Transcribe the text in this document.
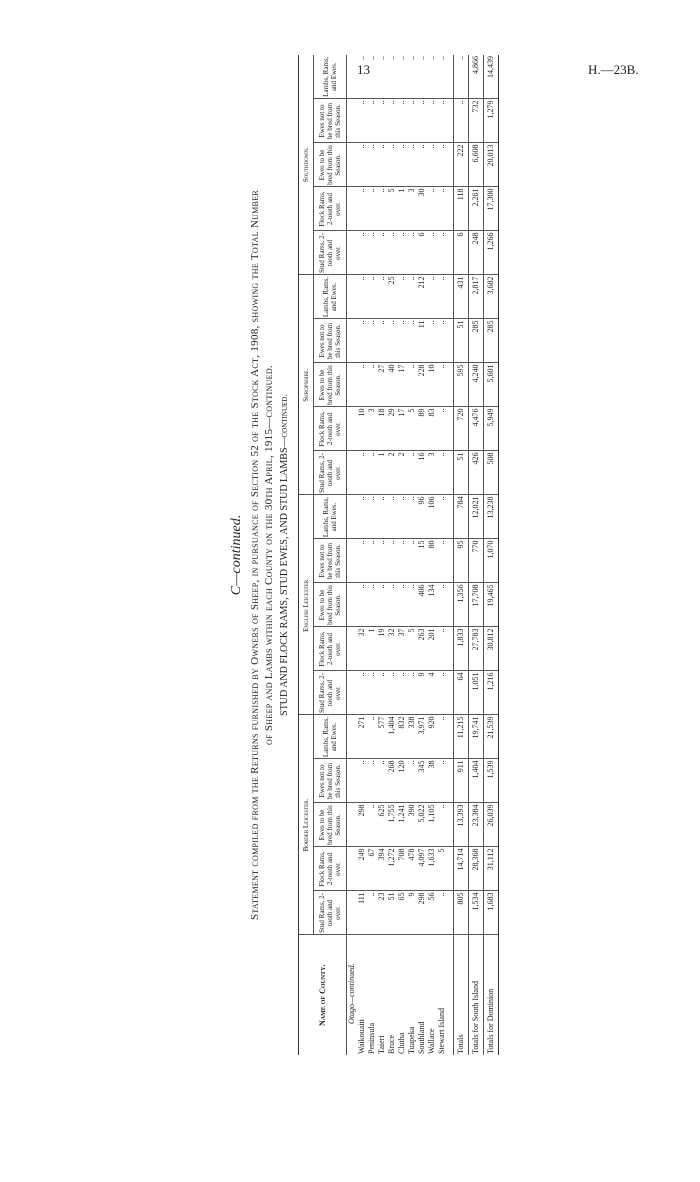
13	H.—23B.
C—continued. Statement compiled from the Returns furnished by Owners of Sheep, in pursuance of Section 52 of the Stock Act, 1908, showing the Total Number of Sheep and Lambs within each County on the 30th April, 1915—continued. STUD AND FLOCK RAMS, STUD EWES, AND STUD LAMBS—continued.
Name of County.	Border Leicester.					English Leicester.					Shropshire.					Southdown.				
	Stud Rams, 2-tooth and over.	Flock Rams, 2-tooth and over.	Ewes to be bred from this Season.	Ewes not to be bred from this Season.	Lambs, Rams, and Ewes.	Stud Rams, 2-tooth and over.	Flock Rams, 2-tooth and over.	Ewes to be bred from this Season.	Ewes not to be bred from this Season.	Lambs, Rams, and Ewes.	Stud Rams, 2-tooth and over.	Flock Rams, 2-tooth and over.	Ewes to be bred from this Season.	Ewes not to be bred from this Season.	Lambs, Rams, and Ewes.	Stud Rams, 2-tooth and over.	Flock Rams, 2-tooth and over.	Ewes to be bred from this Season.	Ewes not to be bred from this Season.	Lambs, Rams, and Ewes.
Otago—continued.																				
Waikouaiti	111	249	298	..	271	..	32	..	..	..	..	10	..	..	..	..	..	..	..	..
Peninsula	..	67	..	..	..	..	1	..	..	..	..	3	..	..	..	..	..	..	..	..
Taieri	23	394	625	..	577	..	19	..	..	..	1	18	27	..	..	..	..	..	..	..
Bruce	51	1,272	1,755	268	1,404	..	32	..	..	..	2	29	40	..	25	..	5	..	..	..
Clutha	65	708	1,241	120	832	..	37	..	..	..	2	17	17	..	..	..	1	..	..	..
Tuapeka	9	478	390	..	338	..	5	..	..	..	..	5	..	..	..	..	3	..	..	..
Southland	298	4,097	5,022	345	3,971	9	263	406	15	96	16	89	228	11	212	6	30	..	..	..
Wallace	56	1,633	1,105	38	920	4	201	134	80	106	3	83	10	..	..	..	..	..	..	..
Stewart Island	..	5	..	..	..	..	..	..	..	..	..	..	..	..	..	..	..	..	..	..

Totals	805	14,714	13,393	911	11,215	64	1,833	1,356	95	784	51	720	595	51	431	6	118	222	..	..
Totals for South Island	1,534	28,368	23,384	1,404	19,741	1,051	27,783	17,708	770	12,021	426	4,476	4,240	285	2,817	248	2,261	6,608	732	4,866
Totals for Dominion	1,683	31,112	26,039	1,539	21,539	1,216	30,812	19,465	1,070	13,238	508	5,949	5,601	285	3,682	1,266	17,300	20,013	1,279	14,439
